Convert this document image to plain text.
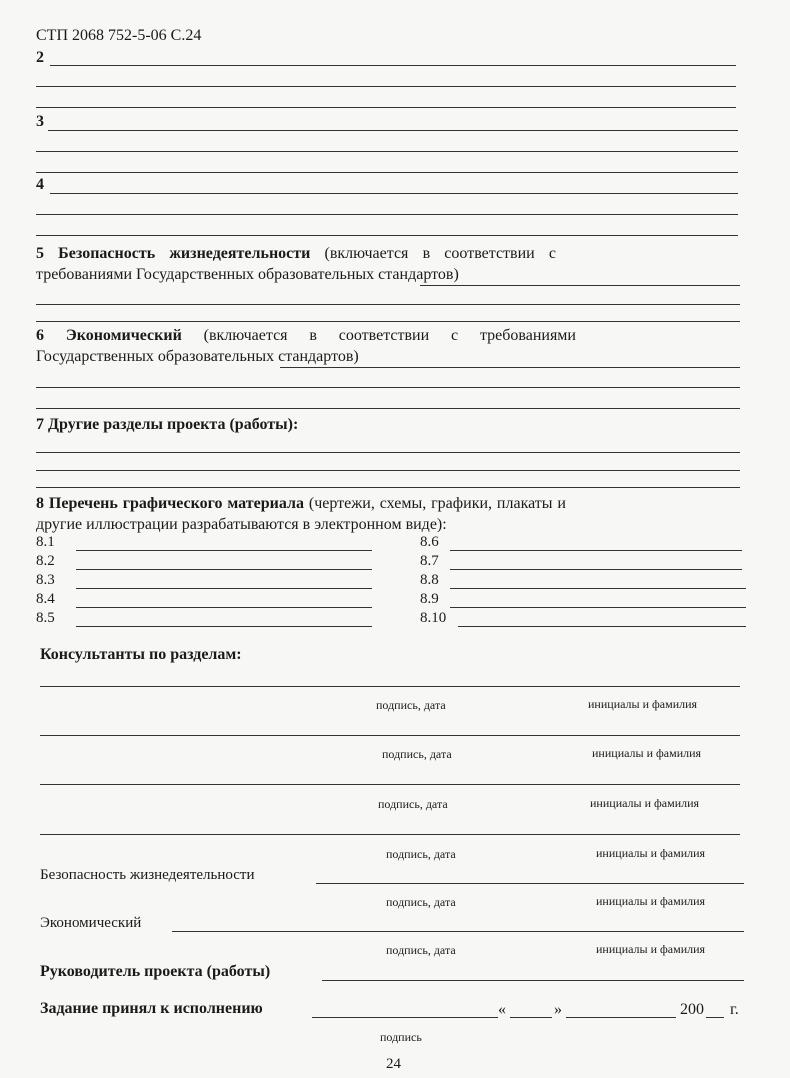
СТП 2068 752-5-06 С.24
2
3
4
5 Безопасность жизнедеятельности (включается в соответствии с требованиями Государственных образовательных стандартов)
6 Экономический (включается в соответствии с требованиями Государственных образовательных стандартов)
7 Другие разделы проекта (работы):
8 Перечень графического материала (чертежи, схемы, графики, плакаты и другие иллюстрации разрабатываются в электронном виде):
8.1
8.2
8.3
8.4
8.5
8.6
8.7
8.8
8.9
8.10
Консультанты по разделам:
подпись, дата	инициалы и фамилия
подпись, дата	инициалы и фамилия
подпись, дата	инициалы и фамилия
подпись, дата	инициалы и фамилия
Безопасность жизнедеятельности
подпись, дата	инициалы и фамилия
Экономический
подпись, дата	инициалы и фамилия
Руководитель проекта (работы)
Задание принял к исполнению	«	»	200 г.
подпись
24
